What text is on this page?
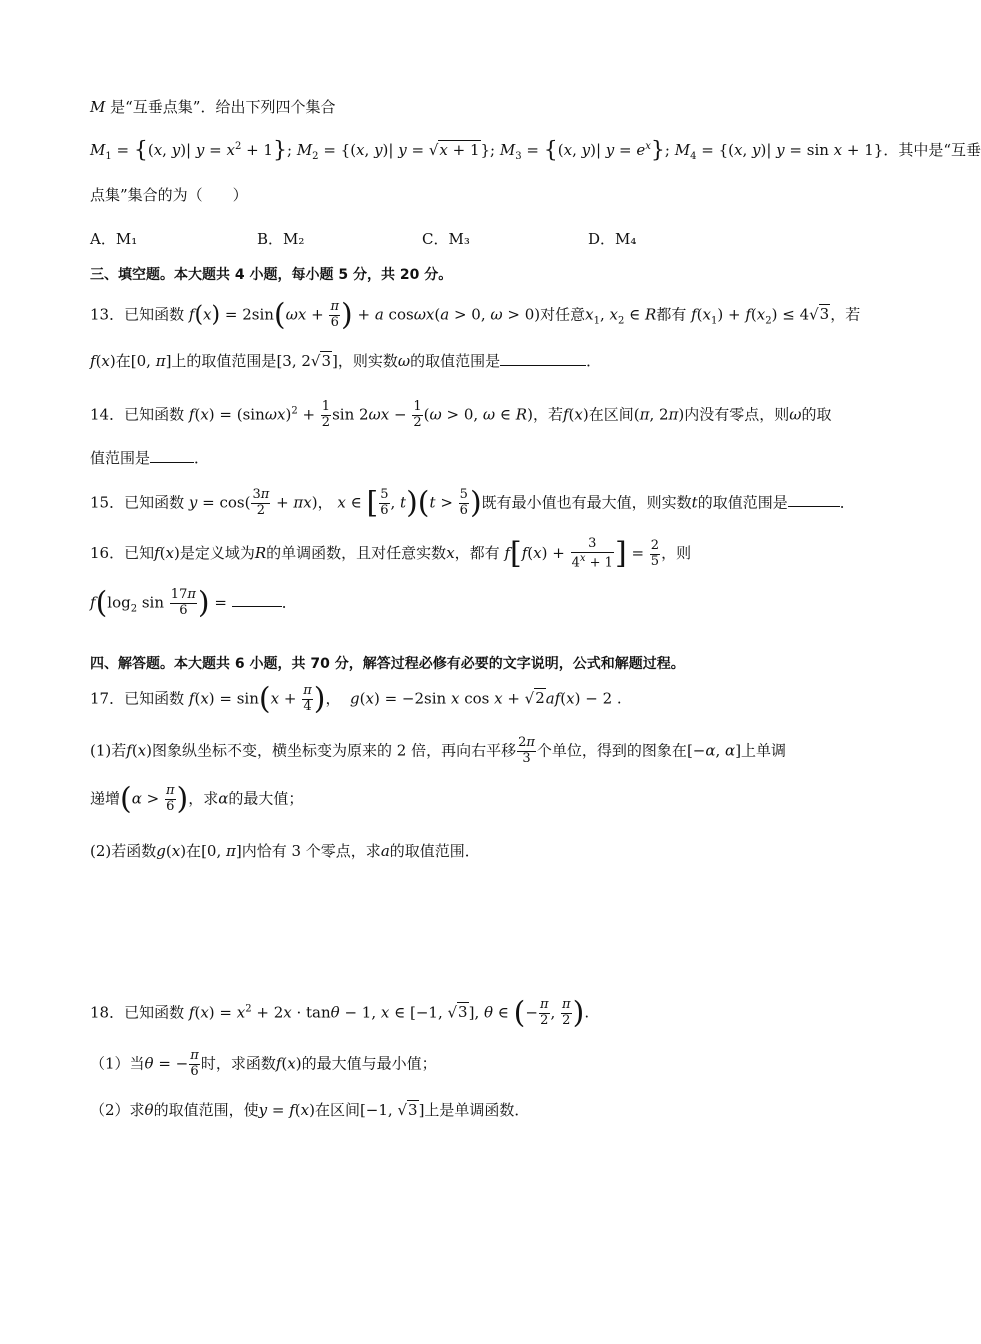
M 是“互垂点集”．给出下列四个集合
$M_1 = \{(x$, y)| $y = x^2 + 1$}; $M_2 = \{(x$, y)| y = √x + 1}; $M_3 = \{(x$, y)| $y = e^x$}; $M_4 = \{(x$, y)| y = sin x + 1}．其中是“互垂
点集”集合的为（　　）
A．M₁	B．M₂	C．M₃	D．M₄
三、填空题。本大题共 4 小题，每小题 5 分，共 20 分。
13．已知函数 $f(x) = 2\sin(\omega x + \frac{\pi}{6}$ ) + a cosωx(a > 0, ω > 0)对任意$x_1$, $x_2$ ∈ R都有 $f(x_1) + f(x_2) \le 4√3$，若
f(x)在[0, π]上的取值范围是[3, 2√3]，则实数ω的取值范围是	．
14．已知函数 $f(x) = (\sin\omega x)^2 + \frac{1}{2}$ $\sin 2\omega x - \frac{1}{2} (\omega > 0$, ω ∈ R)，若f(x)在区间(π, 2π)内没有零点，则ω的取
值范围是	．
15．已知函数 $y = \cos( \frac{3\pi}{2} + \pi x)$， x ∈ [ $\frac{5}{6}$ , $t)(t > \frac{5}{6}$ )既有最小值也有最大值，则实数t的取值范围是	．
16．已知f(x)是定义域为R的单调函数，且对任意实数x，都有 $f[f(x) + \frac{3}{4^x + 1}$ ] = $\frac{2}{5}$ ，则
$f(\log_2$ $\sin \frac{17\pi}{6}$ ) =	．
四、解答题。本大题共 6 小题，共 70 分，解答过程必修有必要的文字说明，公式和解题过程。
17．已知函数 $f(x) = \sin(x + \frac{\pi}{4}$ )，  g(x) = −2sin x cos x + √2af(x) − 2 .
(1)若f(x)图象纵坐标不变，横坐标变为原来的 2 倍，再向右平移 $\frac{2\pi}{3}$ 个单位，得到的图象在[−α, α]上单调
递增($\alpha > \frac{\pi}{6}$ )，求α的最大值；
(2)若函数g(x)在[0, π]内恰有 3 个零点，求a的取值范围．
18．已知函数 $f(x) = x^2 + 2x \cdot \tan\theta - 1$, x ∈ [−1, √3], θ ∈ (− $\frac{\pi}{2}$ , $\frac{\pi}{2}$ ).
（1）当θ = − $\frac{\pi}{6}$ 时，求函数f(x)的最大值与最小值；
（2）求θ的取值范围，使y = f(x)在区间[−1, √3]上是单调函数．
